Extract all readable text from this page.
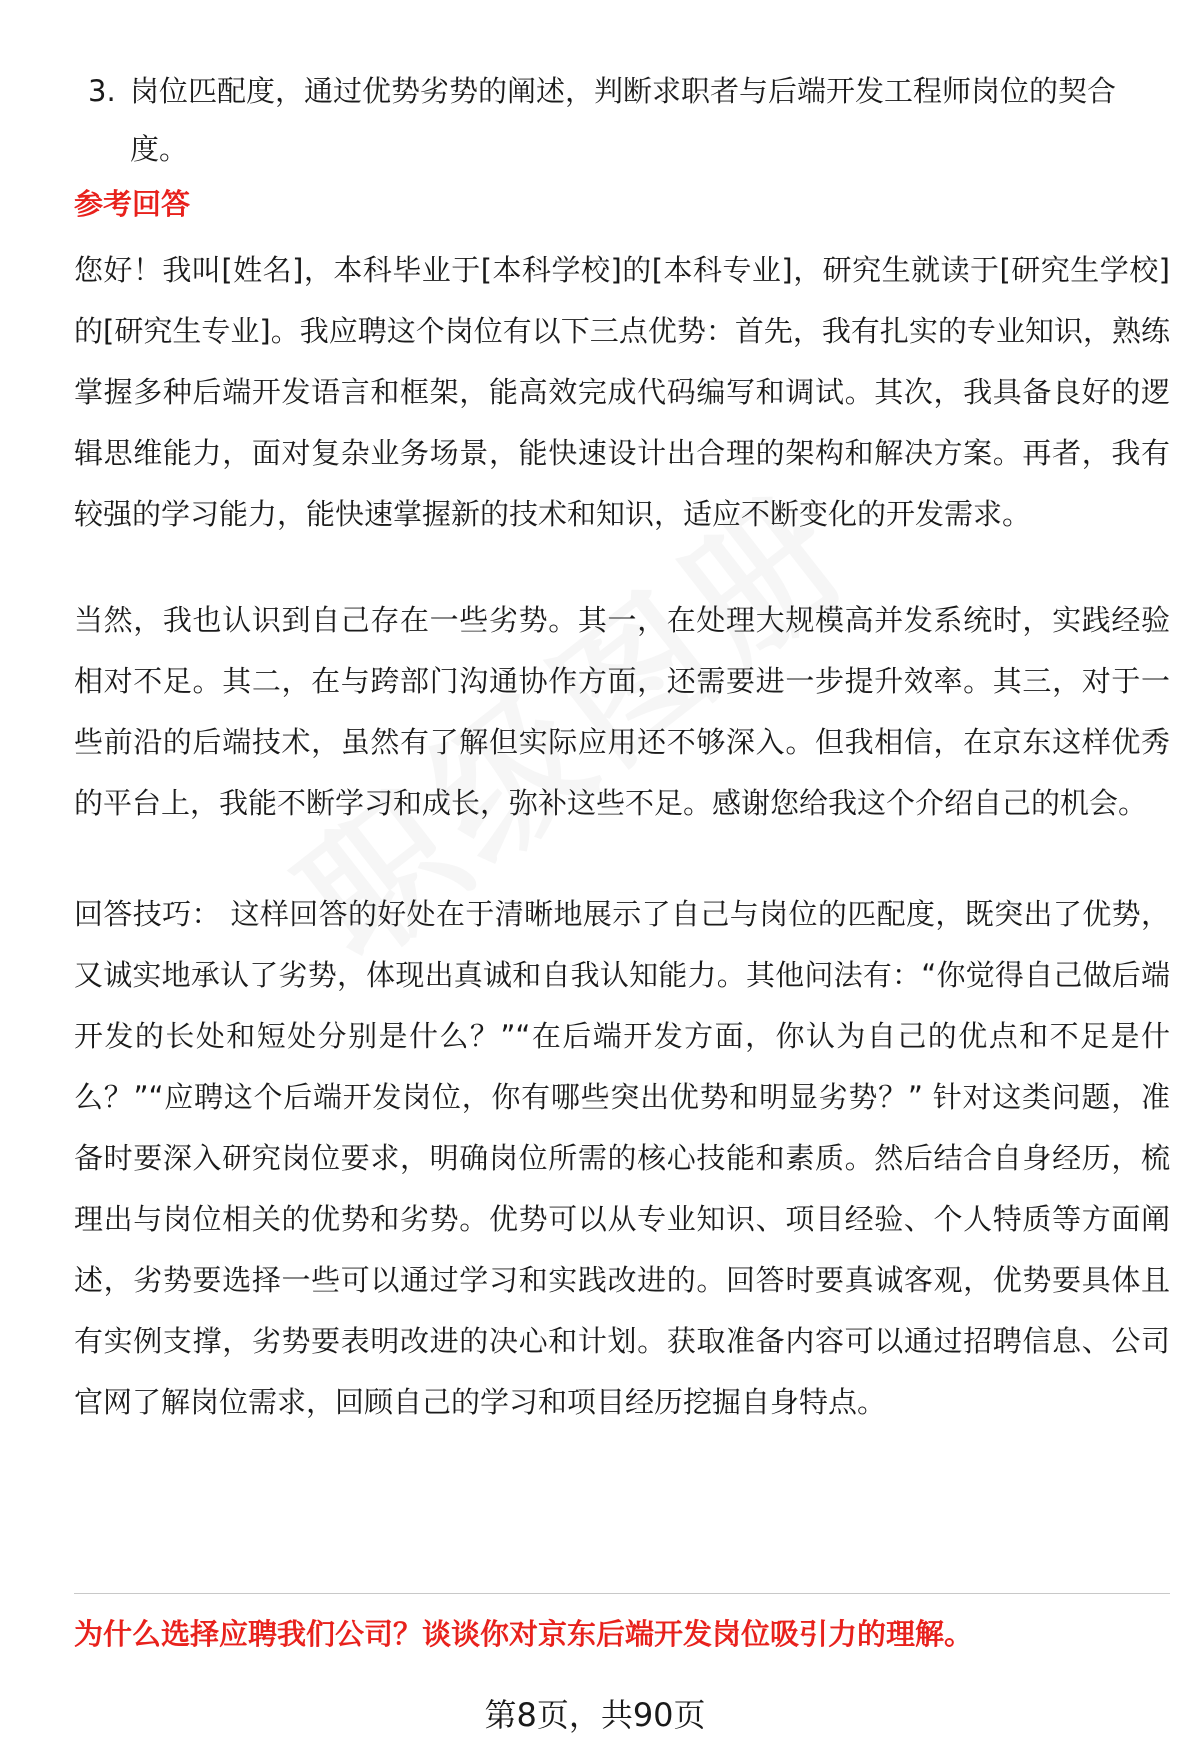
3. 岗位匹配度，通过优势劣势的阐述，判断求职者与后端开发工程师岗位的契合度。
参考回答

您好！我叫[姓名]，本科毕业于[本科学校]的[本科专业]，研究生就读于[研究生学校]的[研究生专业]。我应聘这个岗位有以下三点优势：首先，我有扎实的专业知识，熟练掌握多种后端开发语言和框架，能高效完成代码编写和调试。其次，我具备良好的逻辑思维能力，面对复杂业务场景，能快速设计出合理的架构和解决方案。再者，我有较强的学习能力，能快速掌握新的技术和知识，适应不断变化的开发需求。

当然，我也认识到自己存在一些劣势。其一，在处理大规模高并发系统时，实践经验相对不足。其二，在与跨部门沟通协作方面，还需要进一步提升效率。其三，对于一些前沿的后端技术，虽然有了解但实际应用还不够深入。但我相信，在京东这样优秀的平台上，我能不断学习和成长，弥补这些不足。感谢您给我这个介绍自己的机会。

回答技巧： 这样回答的好处在于清晰地展示了自己与岗位的匹配度，既突出了优势，又诚实地承认了劣势，体现出真诚和自我认知能力。其他问法有：“你觉得自己做后端开发的长处和短处分别是什么？”“在后端开发方面，你认为自己的优点和不足是什么？”“应聘这个后端开发岗位，你有哪些突出优势和明显劣势？” 针对这类问题，准备时要深入研究岗位要求，明确岗位所需的核心技能和素质。然后结合自身经历，梳理出与岗位相关的优势和劣势。优势可以从专业知识、项目经验、个人特质等方面阐述，劣势要选择一些可以通过学习和实践改进的。回答时要真诚客观，优势要具体且有实例支撑，劣势要表明改进的决心和计划。获取准备内容可以通过招聘信息、公司官网了解岗位需求，回顾自己的学习和项目经历挖掘自身特点。

为什么选择应聘我们公司？谈谈你对京东后端开发岗位吸引力的理解。
第8页，共90页
